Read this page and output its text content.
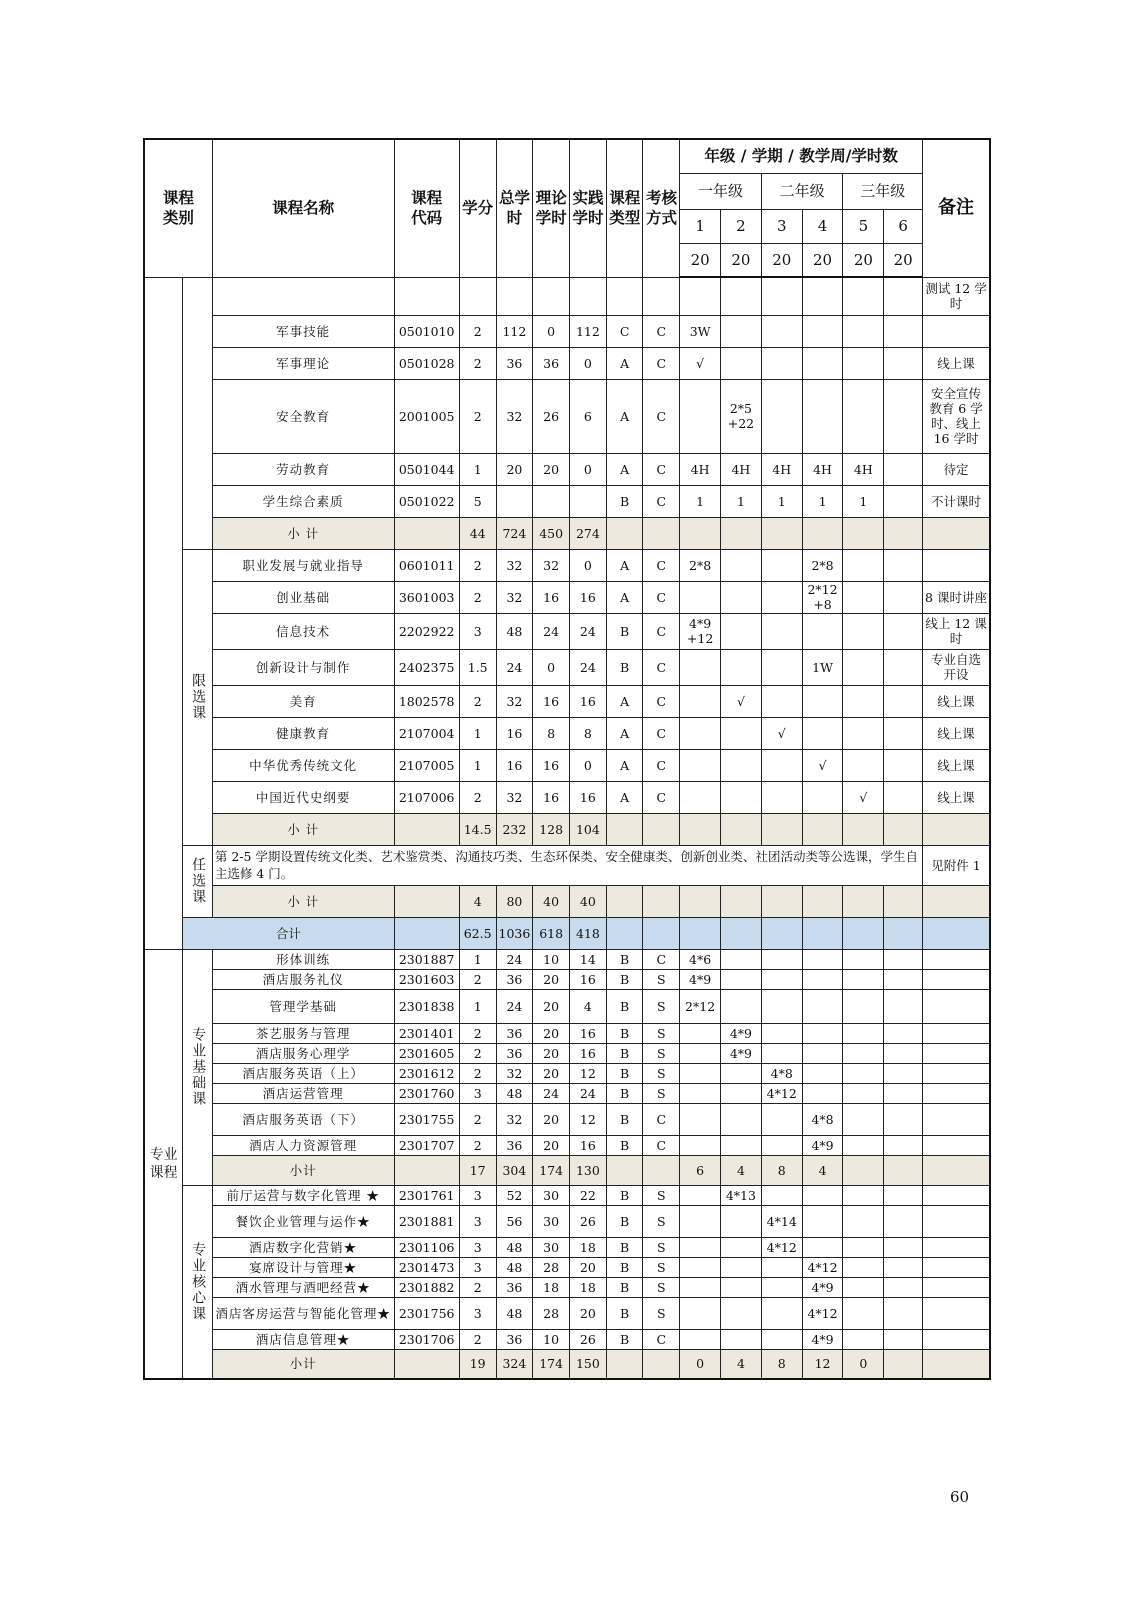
课程类别		课程名称	课程代码	学分	总学时	理论学时	实践学时	课程类型	考核方式	年级 / 学期 / 教学周/学时数						备注
										一年级		二年级		三年级		
										1	2	3	4	5	6	
										20	20	20	20	20	20	
																测试 12 学时
		军事技能	0501010	2	112	0	112	C	C	3W						
		军事理论	0501028	2	36	36	0	A	C	√						线上课
		安全教育	2001005	2	32	26	6	A	C		2*5 +22					安全宣传教育 6 学时、线上 16 学时
		劳动教育	0501044	1	20	20	0	A	C	4H	4H	4H	4H	4H		待定
		学生综合素质	0501022	5				B	C	1	1	1	1	1		不计课时
		小 计		44	724	450	274									

	限选课	职业发展与就业指导	0601011	2	32	32	0	A	C	2*8			2*8			
		创业基础	3601003	2	32	16	16	A	C				2*12 +8			8 课时讲座
		信息技术	2202922	3	48	24	24	B	C	4*9 +12						线上 12 课时
		创新设计与制作	2402375	1.5	24	0	24	B	C				1W			专业自选开设
		美育	1802578	2	32	16	16	A	C		√					线上课
		健康教育	2107004	1	16	8	8	A	C			√				线上课
		中华优秀传统文化	2107005	1	16	16	0	A	C				√			线上课
		中国近代史纲要	2107006	2	32	16	16	A	C					√		线上课
		小 计		14.5	232	128	104									

	任选课	第 2-5 学期设置传统文化类、艺术鉴赏类、沟通技巧类、生态环保类、安全健康类、创新创业类、社团活动类等公选课，学生自主选修 4 门。														见附件 1
		小 计		4	80	40	40									
	合计			62.5	1036	618	418									

专业课程	专业基础课	形体训练	2301887	1	24	10	14	B	C	4*6						
		酒店服务礼仪	2301603	2	36	20	16	B	S	4*9						
		管理学基础	2301838	1	24	20	4	B	S	2*12						
		茶艺服务与管理	2301401	2	36	20	16	B	S		4*9					
		酒店服务心理学	2301605	2	36	20	16	B	S		4*9					
		酒店服务英语（上）	2301612	2	32	20	12	B	S			4*8				
		酒店运营管理	2301760	3	48	24	24	B	S			4*12				
		酒店服务英语（下）	2301755	2	32	20	12	B	C				4*8			
		酒店人力资源管理	2301707	2	36	20	16	B	C				4*9			
		小计		17	304	174	130			6	4	8	4			

	专业核心课	前厅运营与数字化管理 ★	2301761	3	52	30	22	B	S		4*13					
		餐饮企业管理与运作★	2301881	3	56	30	26	B	S			4*14				
		酒店数字化营销★	2301106	3	48	30	18	B	S			4*12				
		宴席设计与管理★	2301473	3	48	28	20	B	S				4*12			
		酒水管理与酒吧经营★	2301882	2	36	18	18	B	S				4*9			
		酒店客房运营与智能化管理★	2301756	3	48	28	20	B	S				4*12			
		酒店信息管理★	2301706	2	36	10	26	B	C				4*9			
		小计		19	324	174	150			0	4	8	12	0		
60
